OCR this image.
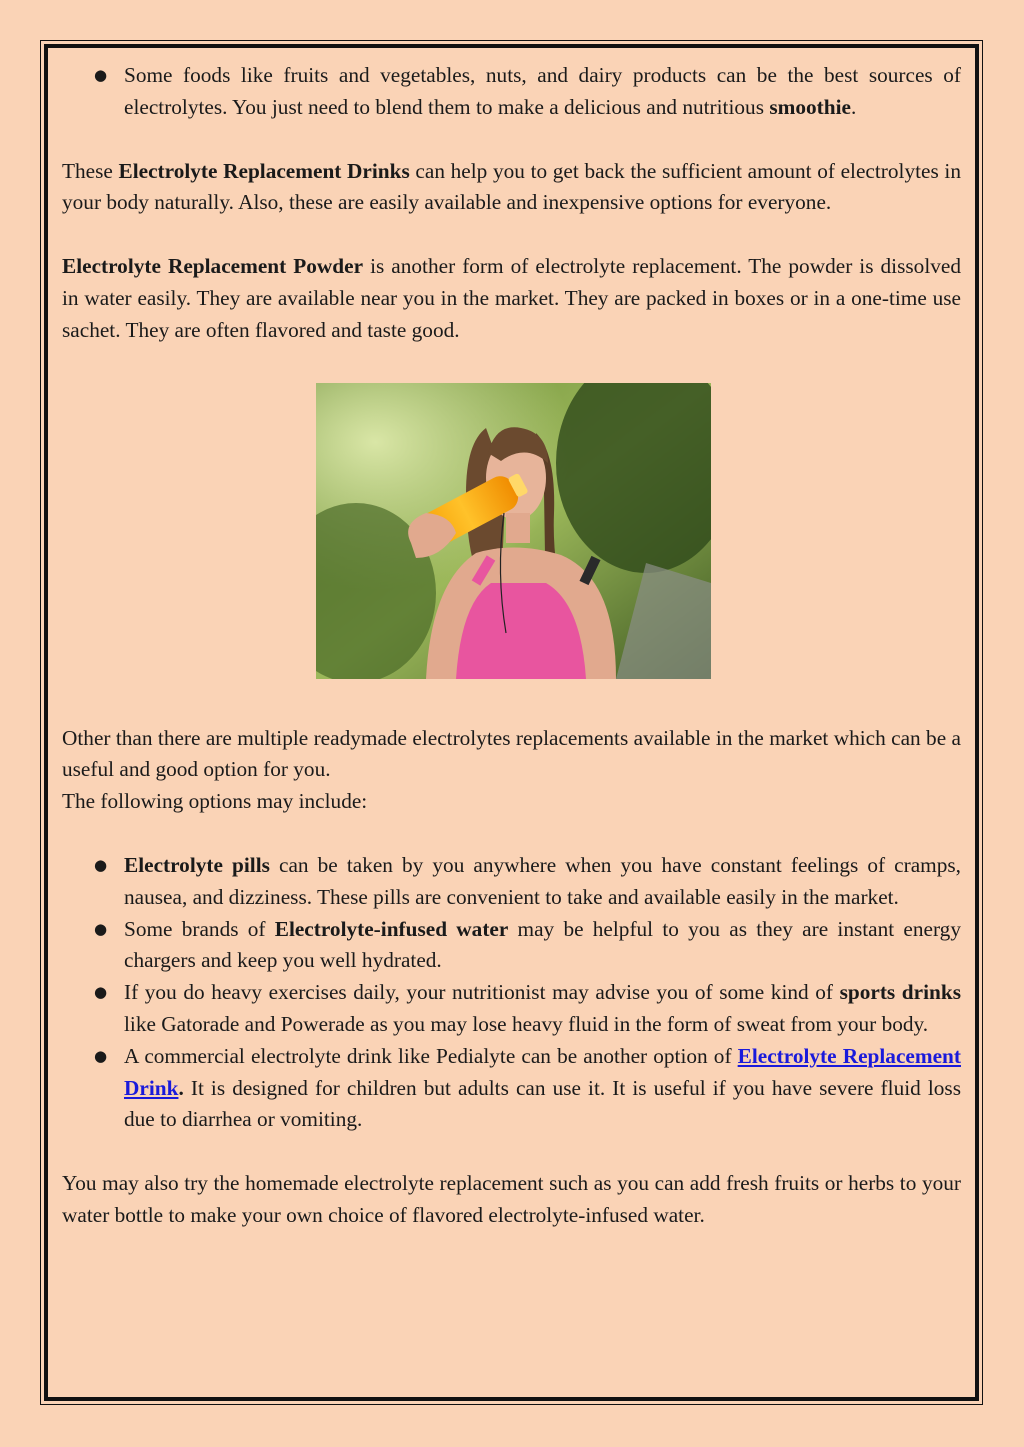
● Some foods like fruits and vegetables, nuts, and dairy products can be the best sources of electrolytes. You just need to blend them to make a delicious and nutritious smoothie.

These Electrolyte Replacement Drinks can help you to get back the sufficient amount of electrolytes in your body naturally. Also, these are easily available and inexpensive options for everyone.

Electrolyte Replacement Powder is another form of electrolyte replacement. The powder is dissolved in water easily. They are available near you in the market. They are packed in boxes or in a one-time use sachet. They are often flavored and taste good.

Other than there are multiple readymade electrolytes replacements available in the market which can be a useful and good option for you.

The following options may include:

● Electrolyte pills can be taken by you anywhere when you have constant feelings of cramps, nausea, and dizziness. These pills are convenient to take and available easily in the market.
● Some brands of Electrolyte-infused water may be helpful to you as they are instant energy chargers and keep you well hydrated.
● If you do heavy exercises daily, your nutritionist may advise you of some kind of sports drinks like Gatorade and Powerade as you may lose heavy fluid in the form of sweat from your body.
● A commercial electrolyte drink like Pedialyte can be another option of Electrolyte Replacement Drink. It is designed for children but adults can use it. It is useful if you have severe fluid loss due to diarrhea or vomiting.

You may also try the homemade electrolyte replacement such as you can add fresh fruits or herbs to your water bottle to make your own choice of flavored electrolyte-infused water.
